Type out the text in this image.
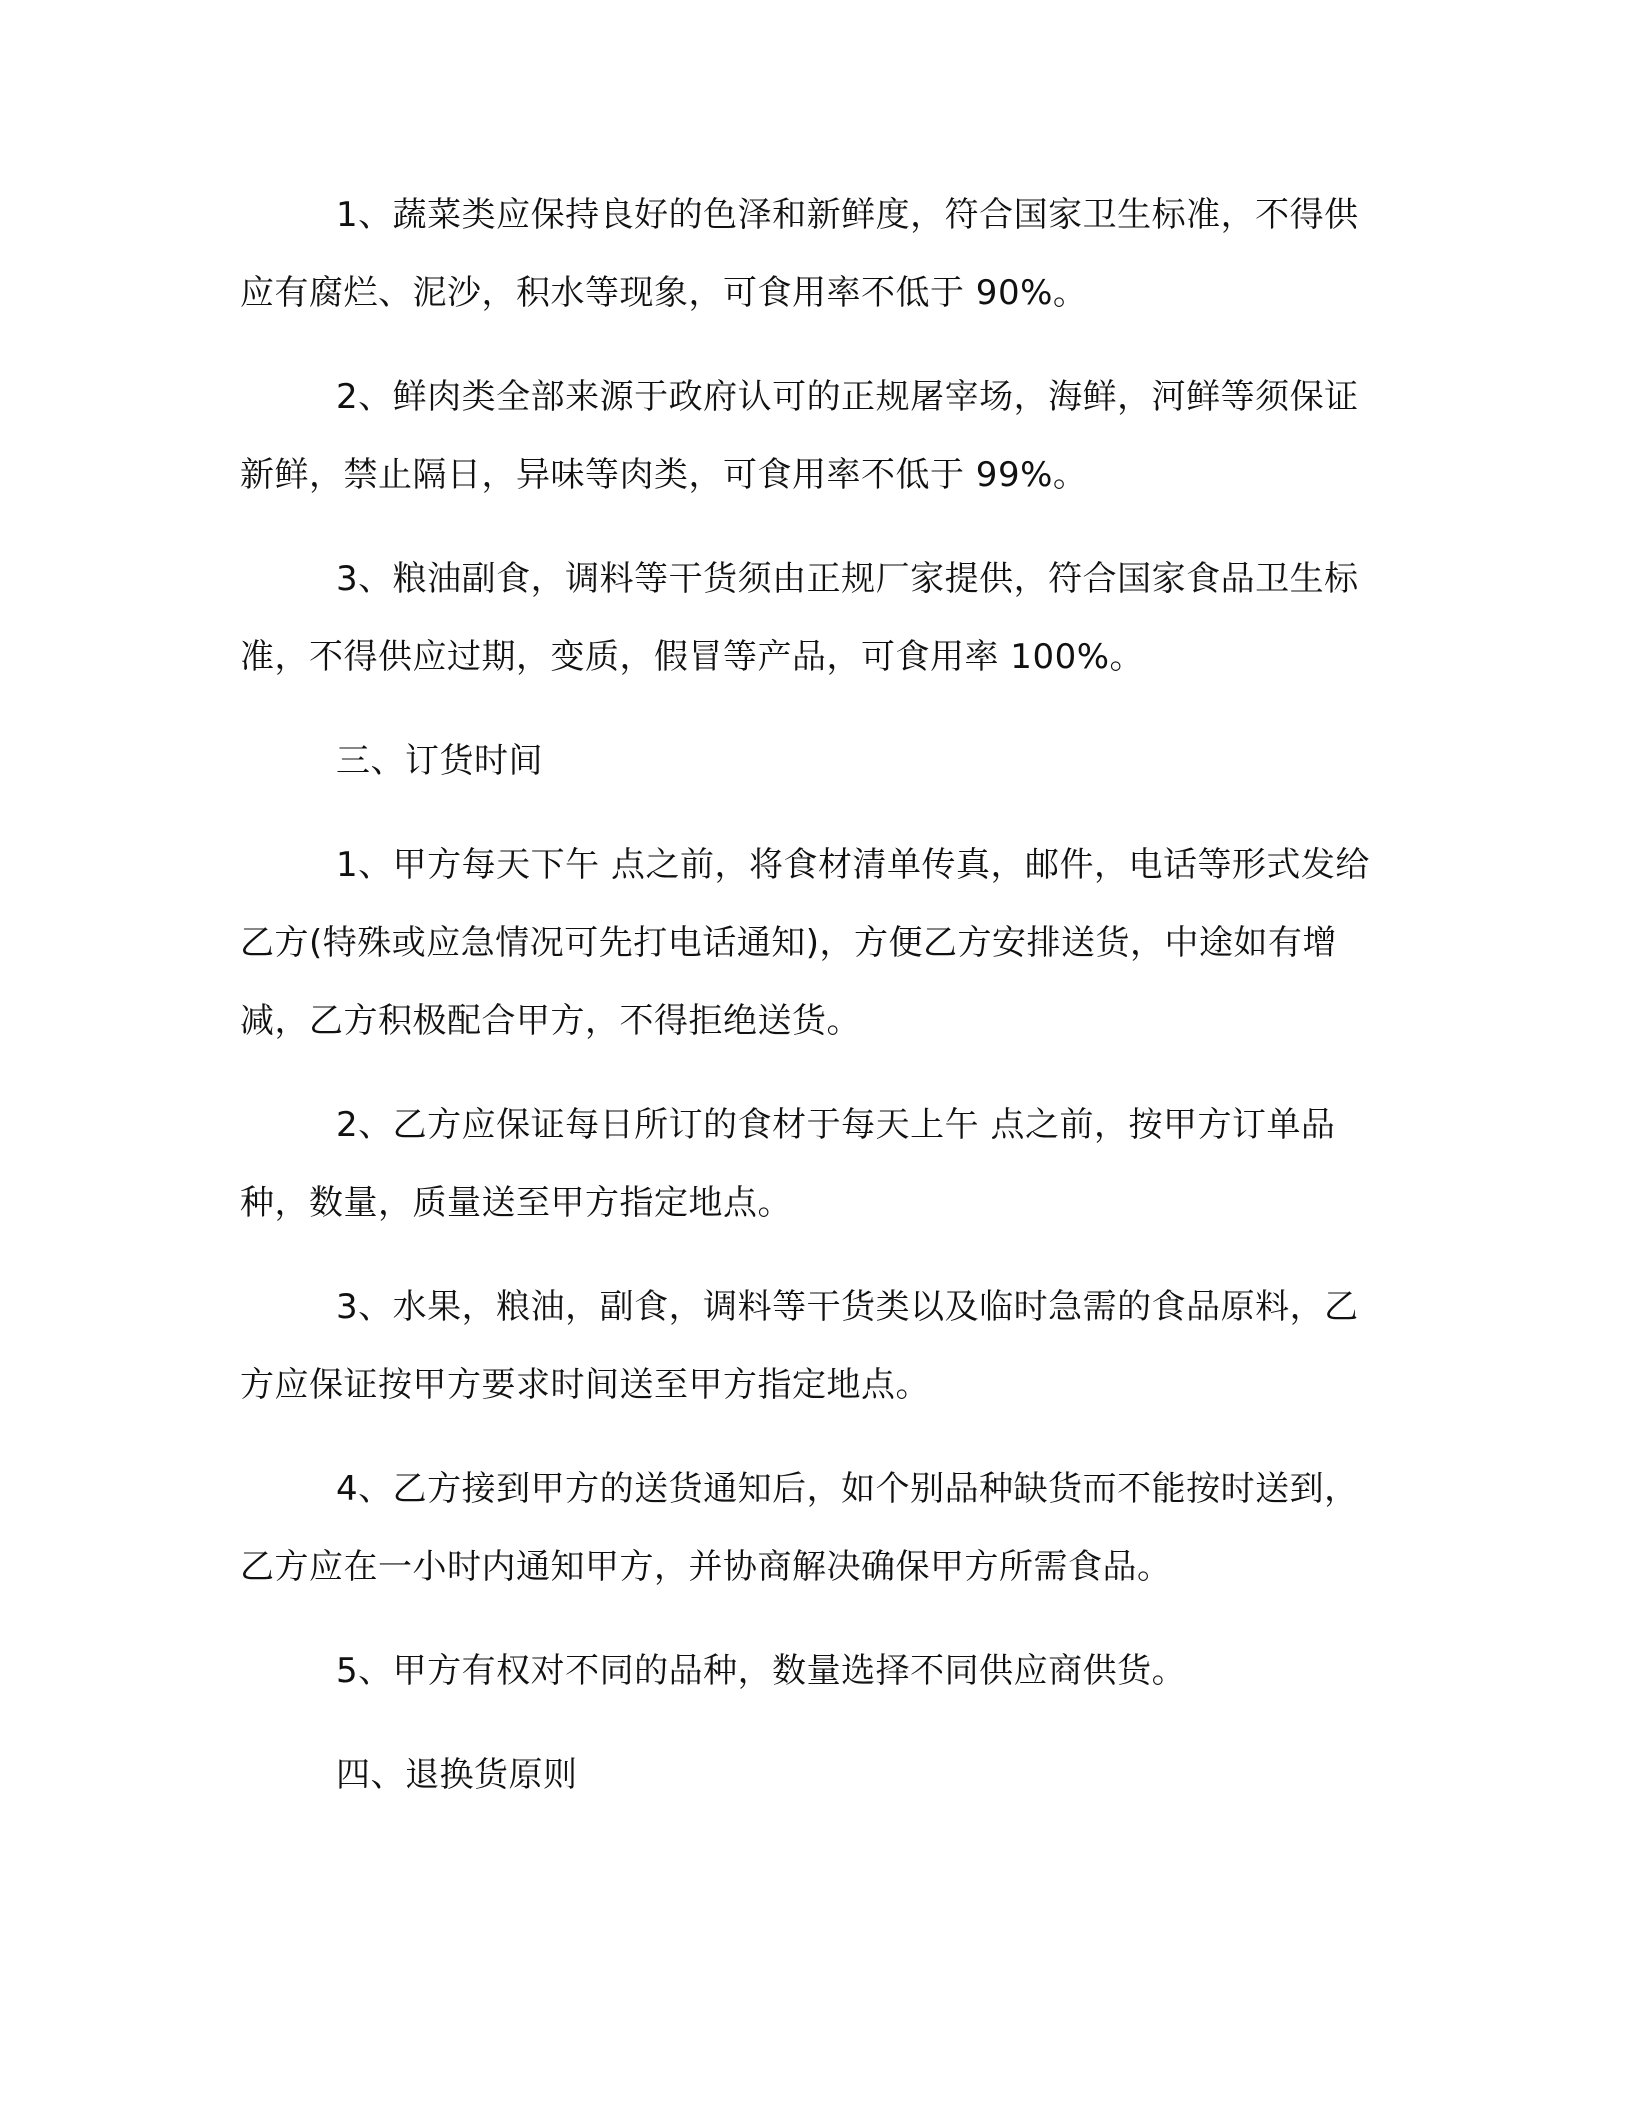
1、蔬菜类应保持良好的色泽和新鲜度，符合国家卫生标准，不得供应有腐烂、泥沙，积水等现象，可食用率不低于 90%。

2、鲜肉类全部来源于政府认可的正规屠宰场，海鲜，河鲜等须保证新鲜，禁止隔日，异味等肉类，可食用率不低于 99%。

3、粮油副食，调料等干货须由正规厂家提供，符合国家食品卫生标准，不得供应过期，变质，假冒等产品，可食用率 100%。

三、订货时间

1、甲方每天下午 点之前，将食材清单传真，邮件，电话等形式发给乙方(特殊或应急情况可先打电话通知)，方便乙方安排送货，中途如有增减，乙方积极配合甲方，不得拒绝送货。

2、乙方应保证每日所订的食材于每天上午 点之前，按甲方订单品种，数量，质量送至甲方指定地点。

3、水果，粮油，副食，调料等干货类以及临时急需的食品原料，乙方应保证按甲方要求时间送至甲方指定地点。

4、乙方接到甲方的送货通知后，如个别品种缺货而不能按时送到，乙方应在一小时内通知甲方，并协商解决确保甲方所需食品。

5、甲方有权对不同的品种，数量选择不同供应商供货。

四、退换货原则
